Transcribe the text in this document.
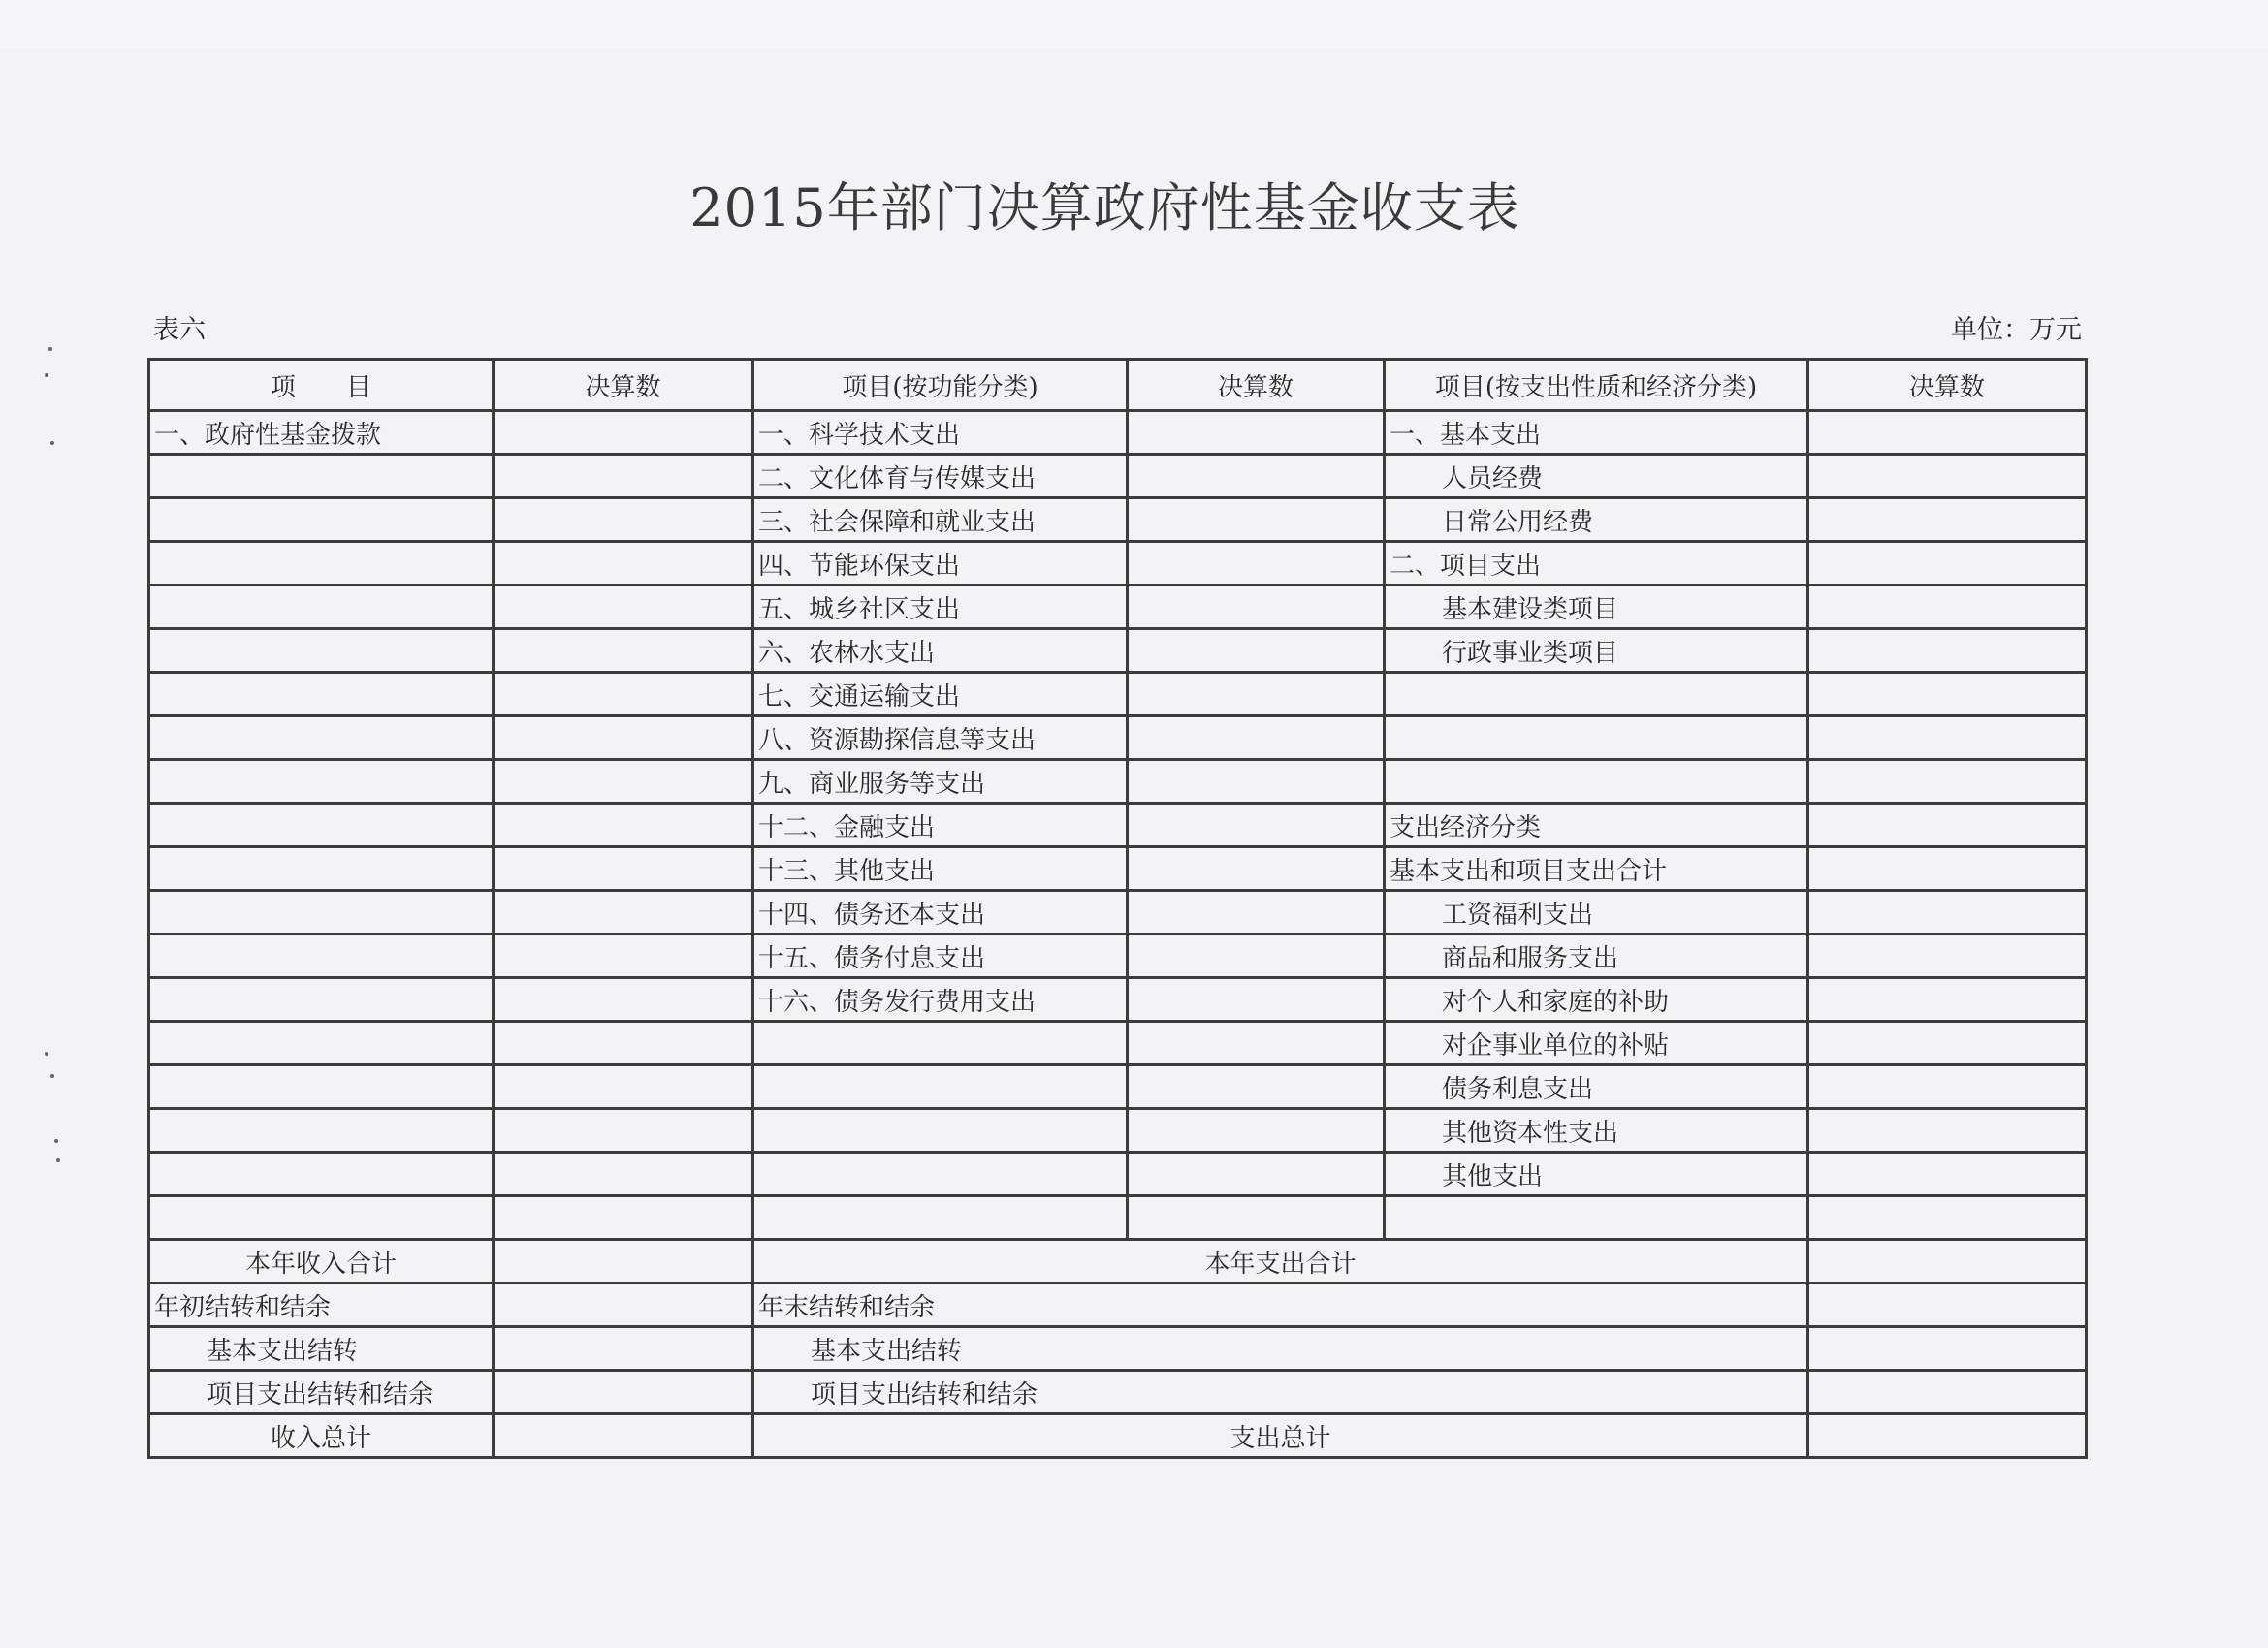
2015年部门决算政府性基金收支表
表六	单位：万元
项　　目	决算数	项目(按功能分类)	决算数	项目(按支出性质和经济分类)	决算数
一、政府性基金拨款		一、科学技术支出		一、基本支出	
		二、文化体育与传媒支出		人员经费	
		三、社会保障和就业支出		日常公用经费	
		四、节能环保支出		二、项目支出	
		五、城乡社区支出		基本建设类项目	
		六、农林水支出		行政事业类项目	
		七、交通运输支出			
		八、资源勘探信息等支出			
		九、商业服务等支出			
		十二、金融支出		支出经济分类	
		十三、其他支出		基本支出和项目支出合计	
		十四、债务还本支出		工资福利支出	
		十五、债务付息支出		商品和服务支出	
		十六、债务发行费用支出		对个人和家庭的补助	
				对企事业单位的补贴	
				债务利息支出	
				其他资本性支出	
				其他支出	

本年收入合计		本年支出合计			
年初结转和结余		年末结转和结余			
基本支出结转		基本支出结转			
项目支出结转和结余		项目支出结转和结余			
收入总计		支出总计			
